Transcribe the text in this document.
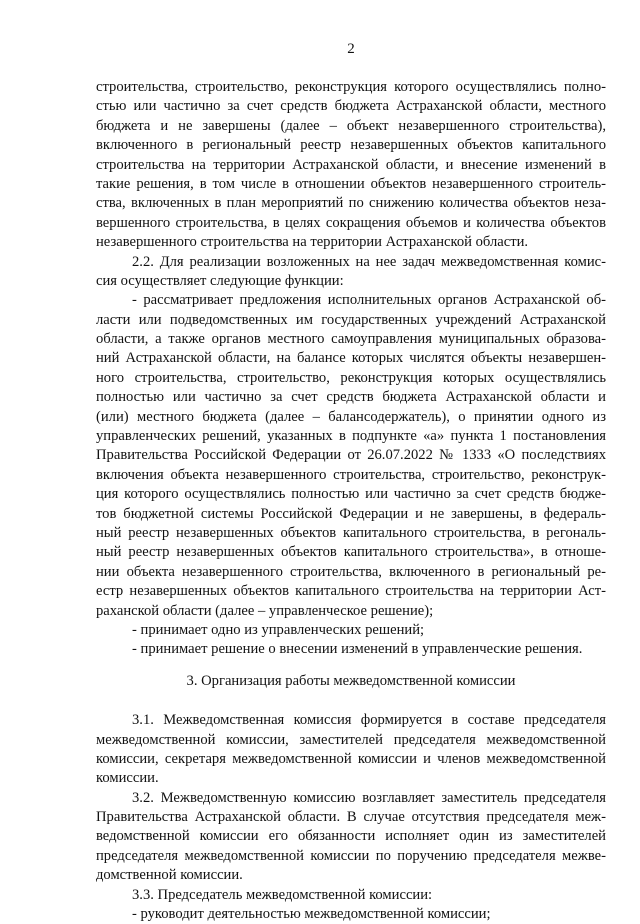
2
строительства, строительство, реконструкция которого осуществлялись полно-
стью или частично за счет средств бюджета Астраханской области, местного
бюджета и не завершены (далее – объект незавершенного строительства),
включенного в региональный реестр незавершенных объектов капитального
строительства на территории Астраханской области, и внесение изменений в
такие решения, в том числе в отношении объектов незавершенного строитель-
ства, включенных в план мероприятий по снижению количества объектов неза-
вершенного строительства, в целях сокращения объемов и количества объектов
незавершенного строительства на территории Астраханской области.
2.2. Для реализации возложенных на нее задач межведомственная комис-
сия осуществляет следующие функции:
- рассматривает предложения исполнительных органов Астраханской об-
ласти или подведомственных им государственных учреждений Астраханской
области, а также органов местного самоуправления муниципальных образова-
ний Астраханской области, на балансе которых числятся объекты незавершен-
ного строительства, строительство, реконструкция которых осуществлялись
полностью или частично за счет средств бюджета Астраханской области и
(или) местного бюджета (далее – балансодержатель), о принятии одного из
управленческих решений, указанных в подпункте «а» пункта 1 постановления
Правительства Российской Федерации от 26.07.2022 № 1333 «О последствиях
включения объекта незавершенного строительства, строительство, реконструк-
ция которого осуществлялись полностью или частично за счет средств бюдже-
тов бюджетной системы Российской Федерации и не завершены, в федераль-
ный реестр незавершенных объектов капитального строительства, в регональ-
ный реестр незавершенных объектов капитального строительства», в отноше-
нии объекта незавершенного строительства, включенного в региональный ре-
естр незавершенных объектов капитального строительства на территории Аст-
раханской области (далее – управленческое решение);
- принимает одно из управленческих решений;
- принимает решение о внесении изменений в управленческие решения.
3. Организация работы межведомственной комиссии
3.1. Межведомственная комиссия формируется в составе председателя
межведомственной комиссии, заместителей председателя межведомственной
комиссии, секретаря межведомственной комиссии и членов межведомственной
комиссии.
3.2. Межведомственную комиссию возглавляет заместитель председателя
Правительства Астраханской области. В случае отсутствия председателя меж-
ведомственной комиссии его обязанности исполняет один из заместителей
председателя межведомственной комиссии по поручению председателя межве-
домственной комиссии.
3.3. Председатель межведомственной комиссии:
- руководит деятельностью межведомственной комиссии;
